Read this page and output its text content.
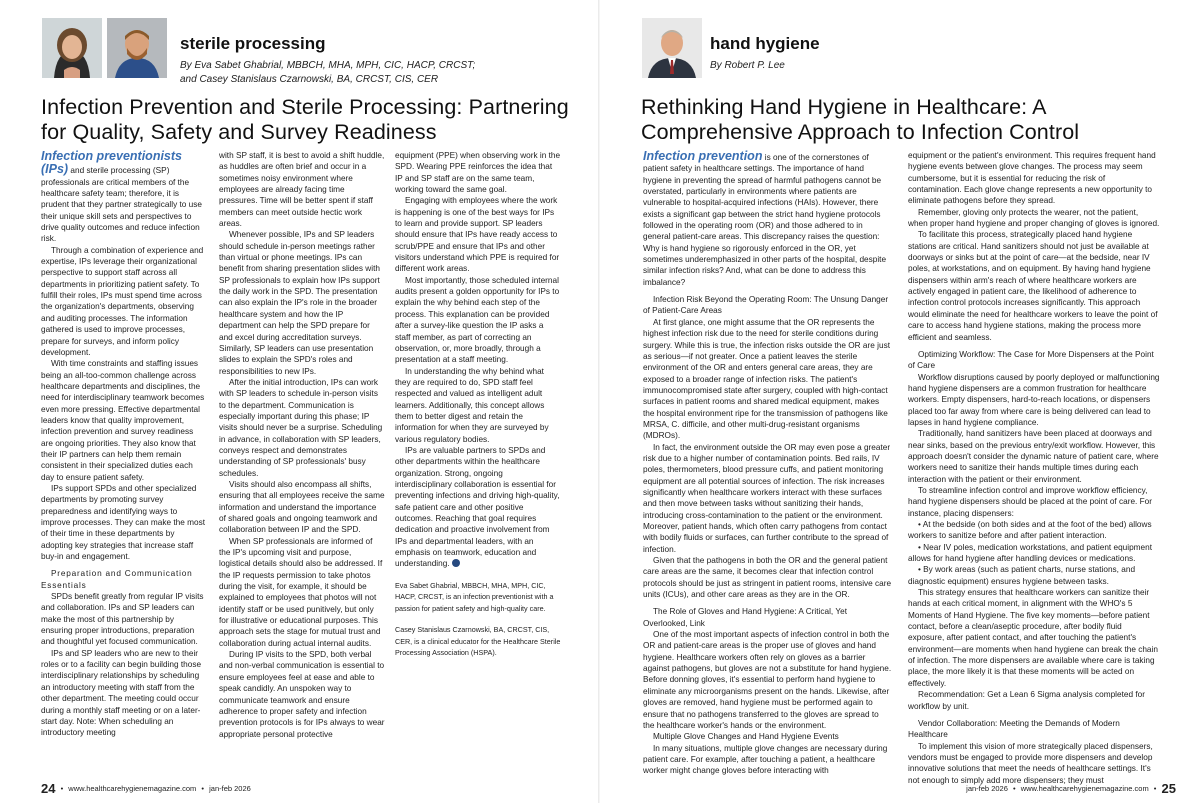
sterile processing
By Eva Sabet Ghabrial, MBBCH, MHA, MPH, CIC, HACP, CRCST;
and Casey Stanislaus Czarnowski, BA, CRCST, CIS, CER
Infection Prevention and Sterile Processing: Partnering
for Quality, Safety and Survey Readiness

Infection preventionists (IPs) and sterile processing (SP) professionals are critical members of the healthcare safety team; therefore, it is prudent that they partner strategically to use their unique skill sets and perspectives to drive quality outcomes and reduce infection risk.

Through a combination of experience and expertise, IPs leverage their organizational perspective to support staff across all departments in prioritizing patient safety. To fulfill their roles, IPs must spend time across the organization's departments, observing and auditing processes. The information gathered is used to improve processes, prepare for surveys, and inform policy development.

With time constraints and staffing issues being an all-too-common challenge across healthcare departments and disciplines, the need for interdisciplinary teamwork becomes even more pressing. Effective departmental leaders know that quality improvement, infection prevention and survey readiness are ongoing priorities. They also know that their IP partners can help them remain consistent in their specialized duties each day to ensure patient safety.

IPs support SPDs and other specialized departments by promoting survey preparedness and identifying ways to improve processes. They can make the most of their time in these departments by adopting key strategies that increase staff buy-in and engagement.

Preparation and Communication Essentials

SPDs benefit greatly from regular IP visits and collaboration. IPs and SP leaders can make the most of this partnership by ensuring proper introductions, preparation and thoughtful yet focused communication.

IPs and SP leaders who are new to their roles or to a facility can begin building those interdisciplinary relationships by scheduling an introductory meeting with staff from the other department. The meeting could occur during a monthly staff meeting or on a later-start day. Note: When scheduling an introductory meeting

with SP staff, it is best to avoid a shift huddle, as huddles are often brief and occur in a sometimes noisy environment where employees are already facing time pressures. Time will be better spent if staff members can meet outside hectic work areas.

Whenever possible, IPs and SP leaders should schedule in-person meetings rather than virtual or phone meetings. IPs can benefit from sharing presentation slides with SP professionals to explain how IPs support the daily work in the SPD. The presentation can also explain the IP's role in the broader healthcare system and how the IP department can help the SPD prepare for and excel during accreditation surveys. Similarly, SP leaders can use presentation slides to explain the SPD's roles and responsibilities to new IPs.

After the initial introduction, IPs can work with SP leaders to schedule in-person visits to the department. Communication is especially important during this phase; IP visits should never be a surprise. Scheduling in advance, in collaboration with SP leaders, conveys respect and demonstrates understanding of SP professionals' busy schedules.

Visits should also encompass all shifts, ensuring that all employees receive the same information and understand the importance of shared goals and ongoing teamwork and collaboration between IP and the SPD.

When SP professionals are informed of the IP's upcoming visit and purpose, logistical details should also be addressed. If the IP requests permission to take photos during the visit, for example, it should be explained to employees that photos will not identify staff or be used punitively, but only for illustrative or educational purposes. This approach sets the stage for mutual trust and collaboration during actual internal audits.

During IP visits to the SPD, both verbal and non-verbal communication is essential to ensure employees feel at ease and able to speak candidly. An unspoken way to communicate teamwork and ensure adherence to proper safety and infection prevention protocols is for IPs always to wear appropriate personal protective

equipment (PPE) when observing work in the SPD. Wearing PPE reinforces the idea that IP and SP staff are on the same team, working toward the same goal.

Engaging with employees where the work is happening is one of the best ways for IPs to learn and provide support. SP leaders should ensure that IPs have ready access to scrub/PPE and ensure that IPs and other visitors understand which PPE is required for different work areas.

Most importantly, those scheduled internal audits present a golden opportunity for IPs to explain the why behind each step of the process. This explanation can be provided after a survey-like question the IP asks a staff member, as part of correcting an observation, or, more broadly, through a presentation at a staff meeting.

In understanding the why behind what they are required to do, SPD staff feel respected and valued as intelligent adult learners. Additionally, this concept allows them to better digest and retain the information for when they are surveyed by various regulatory bodies.

IPs are valuable partners to SPDs and other departments within the healthcare organization. Strong, ongoing interdisciplinary collaboration is essential for preventing infections and driving high-quality, safe patient care and other positive outcomes. Reaching that goal requires dedication and proactive involvement from IPs and departmental leaders, with an emphasis on teamwork, education and understanding.

Eva Sabet Ghabrial, MBBCH, MHA, MPH, CIC, HACP, CRCST, is an infection preventionist with a passion for patient safety and high-quality care.

Casey Stanislaus Czarnowski, BA, CRCST, CIS, CER, is a clinical educator for the Healthcare Sterile Processing Association (HSPA).

24 • www.healthcarehygienemagazine.com • jan-feb 2026
hand hygiene
By Robert P. Lee
Rethinking Hand Hygiene in Healthcare: A
Comprehensive Approach to Infection Control

Infection prevention is one of the cornerstones of patient safety in healthcare settings. The importance of hand hygiene in preventing the spread of harmful pathogens cannot be overstated, particularly in environments where patients are vulnerable to hospital-acquired infections (HAIs). However, there exists a significant gap between the strict hand hygiene protocols followed in the operating room (OR) and those adhered to in general patient-care areas. This discrepancy raises the question: Why is hand hygiene so rigorously enforced in the OR, yet sometimes underemphasized in other parts of the hospital, despite similar infection risks? And, what can be done to address this imbalance?

Infection Risk Beyond the Operating Room: The Unsung Danger of Patient-Care Areas

At first glance, one might assume that the OR represents the highest infection risk due to the need for sterile conditions during surgery. While this is true, the infection risks outside the OR are just as serious—if not greater. Once a patient leaves the sterile environment of the OR and enters general care areas, they are exposed to a broader range of infection risks. The patient's immunocompromised state after surgery, coupled with high-contact surfaces in patient rooms and shared medical equipment, makes the hospital environment ripe for the transmission of pathogens like MRSA, C. difficile, and other multi-drug-resistant organisms (MDROs).

In fact, the environment outside the OR may even pose a greater risk due to a higher number of contamination points. Bed rails, IV poles, thermometers, blood pressure cuffs, and patient monitoring equipment are all potential sources of infection. The risk increases significantly when healthcare workers interact with these surfaces and then move between tasks without sanitizing their hands, introducing cross-contamination to the patient or the environment. Moreover, patient hands, which often carry pathogens from contact with bodily fluids or surfaces, can further contribute to the spread of infection.

Given that the pathogens in both the OR and the general patient care areas are the same, it becomes clear that infection control protocols should be just as stringent in patient rooms, intensive care units (ICUs), and other care areas as they are in the OR.

The Role of Gloves and Hand Hygiene: A Critical, Yet Overlooked, Link

One of the most important aspects of infection control in both the OR and patient-care areas is the proper use of gloves and hand hygiene. Healthcare workers often rely on gloves as a barrier against pathogens, but gloves are not a substitute for hand hygiene. Before donning gloves, it's essential to perform hand hygiene to eliminate any microorganisms present on the hands. Likewise, after gloves are removed, hand hygiene must be performed again to ensure that no pathogens transferred to the gloves are spread to the healthcare worker's hands or the environment.

Multiple Glove Changes and Hand Hygiene Events

In many situations, multiple glove changes are necessary during patient care. For example, after touching a patient, a healthcare worker might change gloves before interacting with

equipment or the patient's environment. This requires frequent hand hygiene events between glove changes. The process may seem cumbersome, but it is essential for reducing the risk of contamination. Each glove change represents a new opportunity to eliminate pathogens before they spread.

Remember, gloving only protects the wearer, not the patient, when proper hand hygiene and proper changing of gloves is ignored.

To facilitate this process, strategically placed hand hygiene stations are critical. Hand sanitizers should not just be available at doorways or sinks but at the point of care—at the bedside, near IV poles, at workstations, and on equipment. By having hand hygiene dispensers within arm's reach of where healthcare workers are actively engaged in patient care, the likelihood of adherence to infection control protocols increases significantly. This approach would eliminate the need for healthcare workers to leave the point of care to access hand hygiene stations, making the process more efficient and seamless.

Optimizing Workflow: The Case for More Dispensers at the Point of Care

Workflow disruptions caused by poorly deployed or malfunctioning hand hygiene dispensers are a common frustration for healthcare workers. Empty dispensers, hard-to-reach locations, or dispensers placed too far away from where care is being delivered can lead to lapses in hand hygiene compliance.

Traditionally, hand sanitizers have been placed at doorways and near sinks, based on the previous entry/exit workflow. However, this approach doesn't consider the dynamic nature of patient care, where workers need to sanitize their hands multiple times during each interaction with the patient or their environment.

To streamline infection control and improve workflow efficiency, hand hygiene dispensers should be placed at the point of care. For instance, placing dispensers:

• At the bedside (on both sides and at the foot of the bed) allows workers to sanitize before and after patient interaction.

• Near IV poles, medication workstations, and patient equipment allows for hand hygiene after handling devices or medications.

• By work areas (such as patient charts, nurse stations, and diagnostic equipment) ensures hygiene between tasks.

This strategy ensures that healthcare workers can sanitize their hands at each critical moment, in alignment with the WHO's 5 Moments of Hand Hygiene. The five key moments—before patient contact, before a clean/aseptic procedure, after bodily fluid exposure, after patient contact, and after touching the patient's environment—are moments when hand hygiene can break the chain of infection. The more dispensers are available where care is taking place, the more likely it is that these moments will be acted on effectively.

Recommendation: Get a Lean 6 Sigma analysis completed for workflow by unit.

Vendor Collaboration: Meeting the Demands of Modern Healthcare

To implement this vision of more strategically placed dispensers, vendors must be engaged to provide more dispensers and develop innovative solutions that meet the needs of healthcare settings. It's not enough to simply add more dispensers; they must

jan-feb 2026 • www.healthcarehygienemagazine.com • 25
